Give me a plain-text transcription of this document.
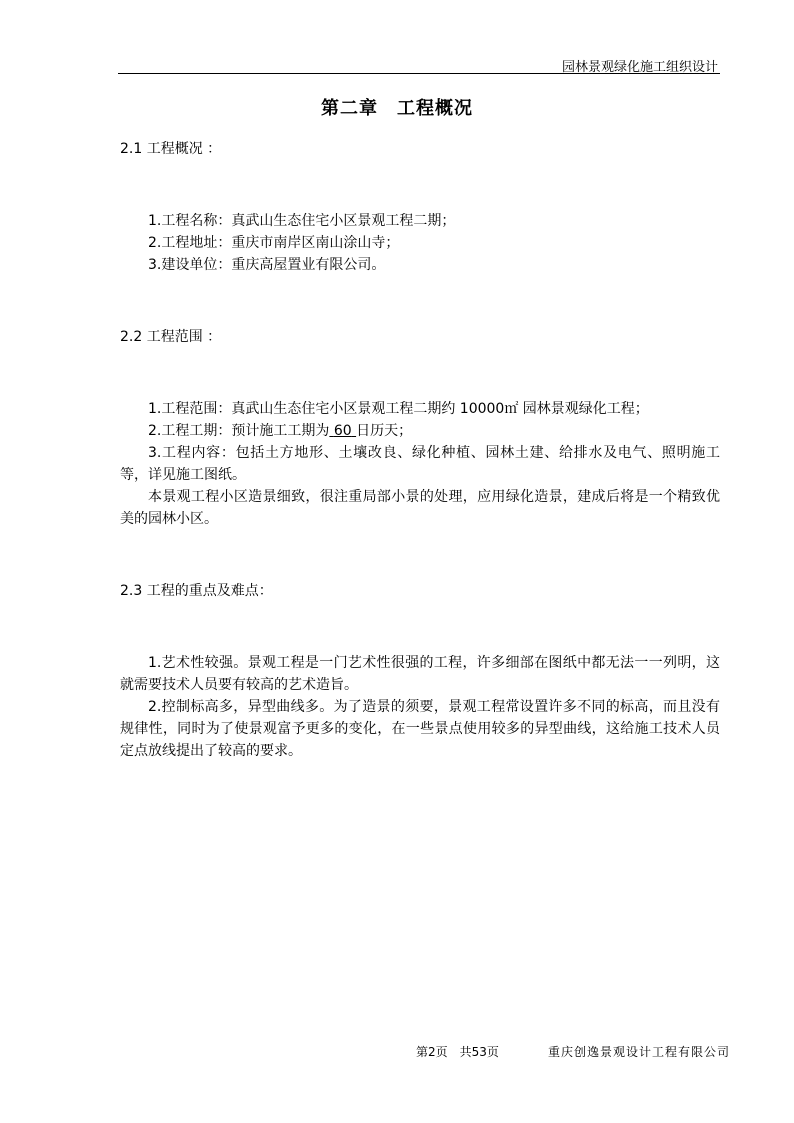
园林景观绿化施工组织设计
第二章　工程概况

2.1 工程概况 ：

1.工程名称：真武山生态住宅小区景观工程二期；

2.工程地址：重庆市南岸区南山涂山寺；

3.建设单位：重庆高屋置业有限公司。

2.2 工程范围 ：

1.工程范围：真武山生态住宅小区景观工程二期约 10000㎡ 园林景观绿化工程；

2.工程工期：预计施工工期为 60 日历天；

3.工程内容：包括土方地形、土壤改良、绿化种植、园林土建、给排水及电气、照明施工等，详见施工图纸。

本景观工程小区造景细致，很注重局部小景的处理，应用绿化造景，建成后将是一个精致优美的园林小区。

2.3 工程的重点及难点：

1.艺术性较强。景观工程是一门艺术性很强的工程，许多细部在图纸中都无法一一列明，这就需要技术人员要有较高的艺术造旨。

2.控制标高多，异型曲线多。为了造景的须要，景观工程常设置许多不同的标高，而且没有规律性，同时为了使景观富予更多的变化，在一些景点使用较多的异型曲线，这给施工技术人员定点放线提出了较高的要求。

第2页　共53页	重庆创逸景观设计工程有限公司
